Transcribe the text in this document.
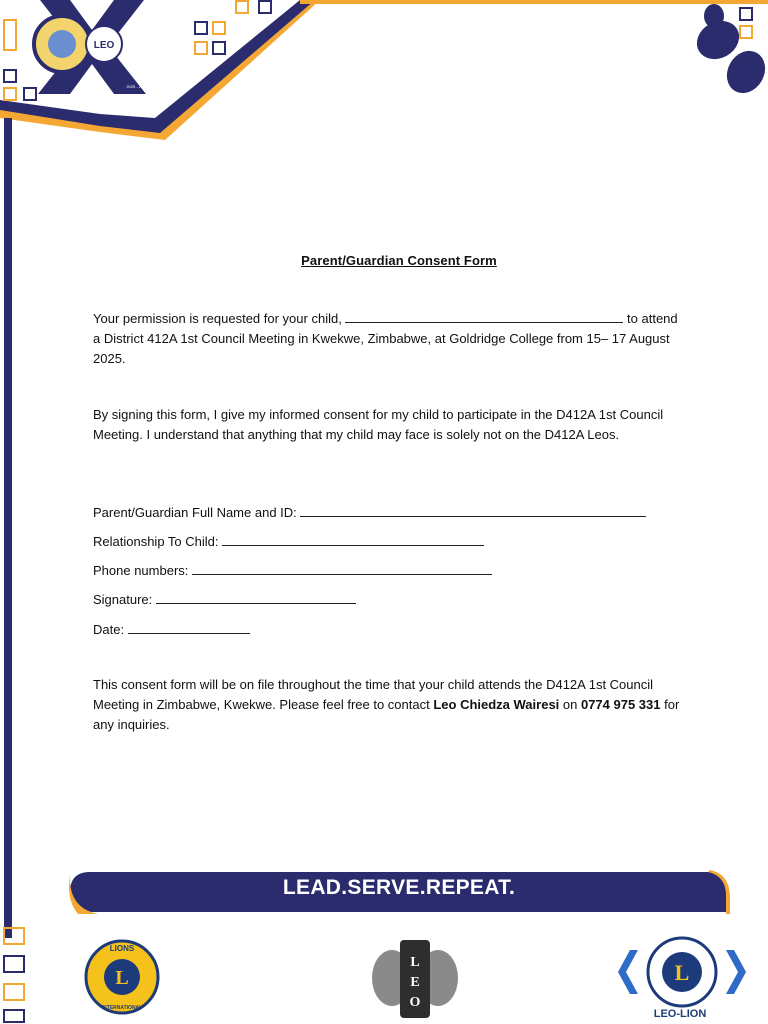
LEO
D412A	2025 - 2026
Parent/Guardian Consent Form

Your permission is requested for your child,	to attend a District 412A 1st Council Meeting in Kwekwe, Zimbabwe, at Goldridge College from 15– 17 August 2025.

By signing this form, I give my informed consent for my child to participate in the D412A 1st Council Meeting. I understand that anything that my child may face is solely not on the D412A Leos.

Parent/Guardian Full Name and ID:
Relationship To Child:
Phone numbers:
Signature:
Date:

This consent form will be on file throughout the time that your child attends the D412A 1st Council Meeting in Zimbabwe, Kwekwe. Please feel free to contact Leo Chiedza Wairesi on 0774 975 331 for any inquiries.

LEAD.SERVE.REPEAT.
L
LIONS
INTERNATIONAL
L
E
O
L
LEO-LION
